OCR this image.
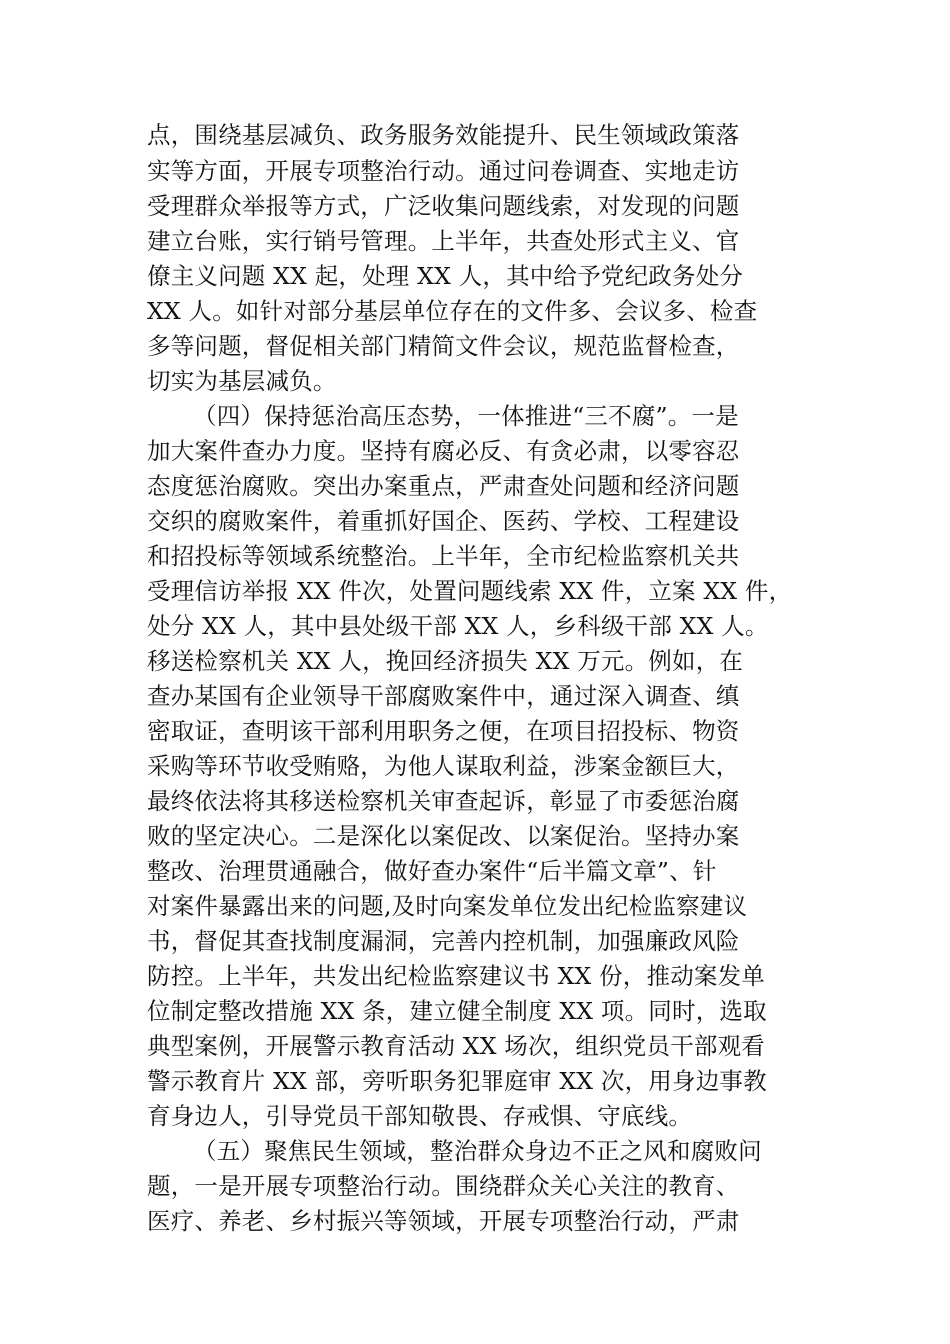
点，围绕基层减负、政务服务效能提升、民生领域政策落
实等方面，开展专项整治行动。通过问卷调查、实地走访
受理群众举报等方式，广泛收集问题线索，对发现的问题
建立台账，实行销号管理。上半年，共查处形式主义、官
僚主义问题 XX 起，处理 XX 人，其中给予党纪政务处分
XX 人。如针对部分基层单位存在的文件多、会议多、检查
多等问题，督促相关部门精简文件会议，规范监督检查，
切实为基层减负。
（四）保持惩治高压态势，一体推进“三不腐”。一是
加大案件查办力度。坚持有腐必反、有贪必肃，以零容忍
态度惩治腐败。突出办案重点，严肃查处问题和经济问题
交织的腐败案件，着重抓好国企、医药、学校、工程建设
和招投标等领域系统整治。上半年，全市纪检监察机关共
受理信访举报 XX 件次，处置问题线索 XX 件，立案 XX 件，
处分 XX 人，其中县处级干部 XX 人，乡科级干部 XX 人。
移送检察机关 XX 人，挽回经济损失 XX 万元。例如，在
查办某国有企业领导干部腐败案件中，通过深入调查、缜
密取证，查明该干部利用职务之便，在项目招投标、物资
采购等环节收受贿赂，为他人谋取利益，涉案金额巨大，
最终依法将其移送检察机关审查起诉，彰显了市委惩治腐
败的坚定决心。二是深化以案促改、以案促治。坚持办案
整改、治理贯通融合，做好查办案件“后半篇文章”、针
对案件暴露出来的问题,及时向案发单位发出纪检监察建议
书，督促其查找制度漏洞，完善内控机制，加强廉政风险
防控。上半年，共发出纪检监察建议书 XX 份，推动案发单
位制定整改措施 XX 条，建立健全制度 XX 项。同时，选取
典型案例，开展警示教育活动 XX 场次，组织党员干部观看
警示教育片 XX 部，旁听职务犯罪庭审 XX 次，用身边事教
育身边人，引导党员干部知敬畏、存戒惧、守底线。
（五）聚焦民生领域，整治群众身边不正之风和腐败问
题，一是开展专项整治行动。围绕群众关心关注的教育、
医疗、养老、乡村振兴等领域，开展专项整治行动，严肃
